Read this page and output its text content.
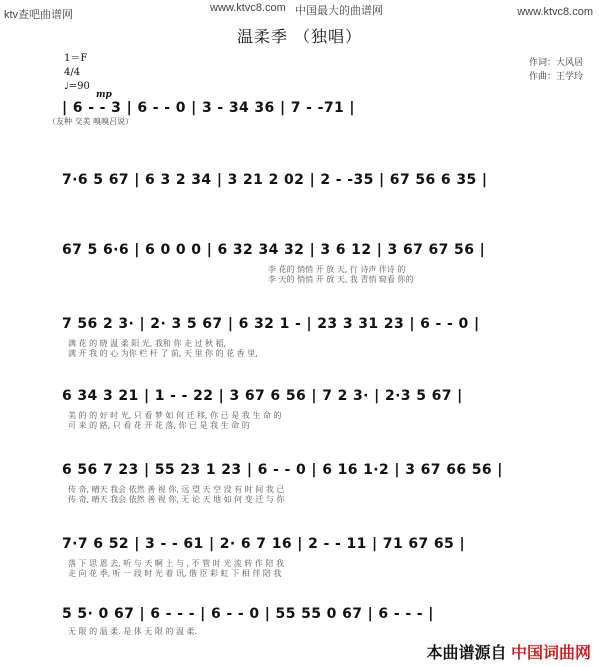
ktv查吧曲谱网
www.ktvc8.com 中国最大的曲谱网	www.ktvc8.com
温柔季 （独唱）
作词：大风居
作曲：王学玲
1＝F
4/4
♩=90
mp
（友种 交美 嗅嗅吕说）
| 6 - - 3 | 6 - - 0 | 3 - 34 36 | 7 - -71 |
7·6 5 67 | 6 3 2 34 | 3 21 2 02 | 2 - -35 | 67 56 6 35 |
67 5 6·6 | 6 0 0 0 | 6 32 34 32 | 3 6 12 | 3 67 67 56 |
李 花的 悄悄 开 放 天, 行 诗声 伴诗 的
李 天的 悄悄 开 放 天, 我 青悄 窥看 你的
7 56 2 3· | 2· 3 5 67 | 6 32 1 - | 23 3 31 23 | 6 - - 0 |
满 花 的 晓 温 柔 阳 光, 我和 你 走 过 秋 稻,
满 开 我 的 心 为你 栏 杆 了 前, 天 里 你 的 花 香 里,
6 34 3 21 | 1 - - 22 | 3 67 6 56 | 7 2 3· | 2·3 5 67 |
美 的 的 好 时 光, 只 看 梦 如 何 迁 移, 你 已 是 我 生 命 的
可 来 的 路, 只 看 花 开 花 落, 你 已 是 我 生 命 的
6 56 7 23 | 55 23 1 23 | 6 - - 0 | 6 16 1·2 | 3 67 66 56 |
传 奇, 晴天 我会 依然 善 视 你, 远 望 天 空 没 有 时 间 我 已
传 奇, 晴天 我会 依然 善 视 你, 无 论 天 地 如 何 变 迁 与 你
7·7 6 52 | 3 - - 61 | 2· 6 7 16 | 2 - - 11 | 71 67 65 |
落 下 思 恩 去, 听 与 天 啊 上 与 , 不 管 时 光 流 转 作 陪 我
走 向 花 季, 听 一 段 时 光 着 讯, 偕 臣 彩 虹 下 相 伴 陪 我
5 5· 0 67 | 6 - - - | 6 - - 0 | 55 55 0 67 | 6 - - - |
无 限 的 温 柔. 是 体 无 限 的 温 柔.
本曲谱源自 中国词曲网
